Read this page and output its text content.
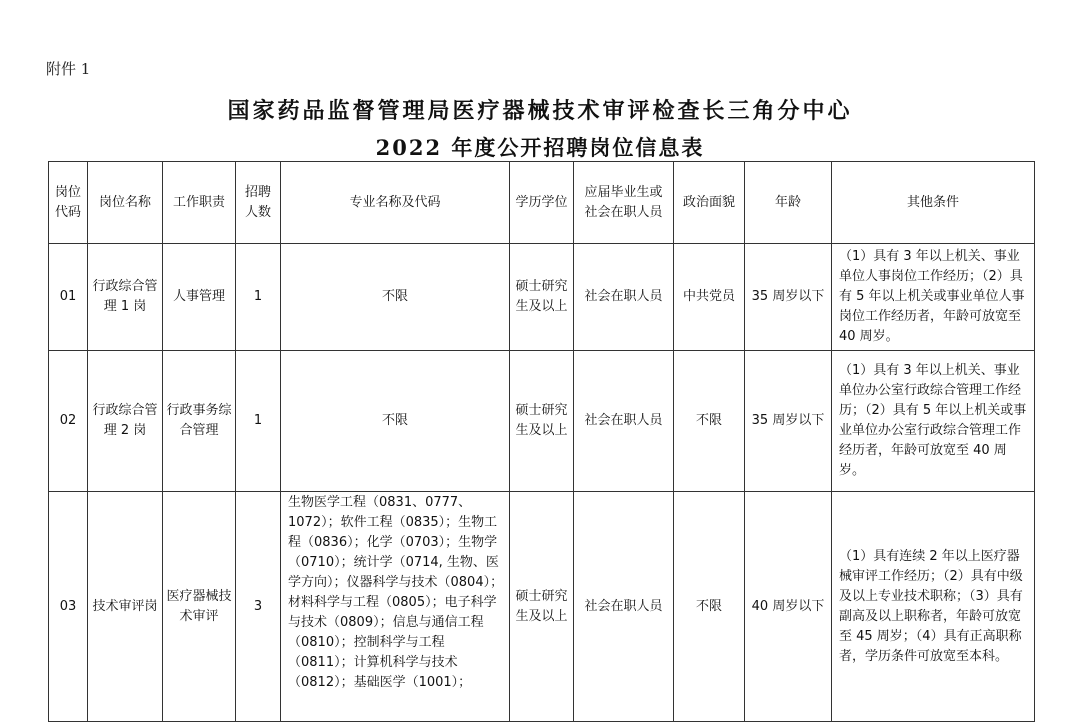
附件 1
国家药品监督管理局医疗器械技术审评检查长三角分中心
2022 年度公开招聘岗位信息表
岗位代码	岗位名称	工作职责	招聘人数	专业名称及代码	学历学位	应届毕业生或 社会在职人员	政治面貌	年龄	其他条件
01	行政综合管理 1 岗	人事管理	1	不限	硕士研究生及以上	社会在职人员	中共党员	35 周岁以下	（1）具有 3 年以上机关、事业单位人事岗位工作经历；（2）具有 5 年以上机关或事业单位人事岗位工作经历者，年龄可放宽至 40 周岁。
02	行政综合管理 2 岗	行政事务综合管理	1	不限	硕士研究生及以上	社会在职人员	不限	35 周岁以下	（1）具有 3 年以上机关、事业单位办公室行政综合管理工作经历；（2）具有 5 年以上机关或事业单位办公室行政综合管理工作经历者，年龄可放宽至 40 周岁。
03	技术审评岗	医疗器械技术审评	3	生物医学工程（0831、0777、1072）；软件工程（0835）；生物工程（0836）；化学（0703）；生物学（0710）；统计学（0714, 生物、医学方向）；仪器科学与技术（0804）；材料科学与工程（0805）；电子科学与技术（0809）；信息与通信工程（0810）；控制科学与工程（0811）；计算机科学与技术（0812）；基础医学（1001）；	硕士研究生及以上	社会在职人员	不限	40 周岁以下	（1）具有连续 2 年以上医疗器械审评工作经历；（2）具有中级及以上专业技术职称；（3）具有副高及以上职称者，年龄可放宽至 45 周岁；（4）具有正高职称者，学历条件可放宽至本科。
